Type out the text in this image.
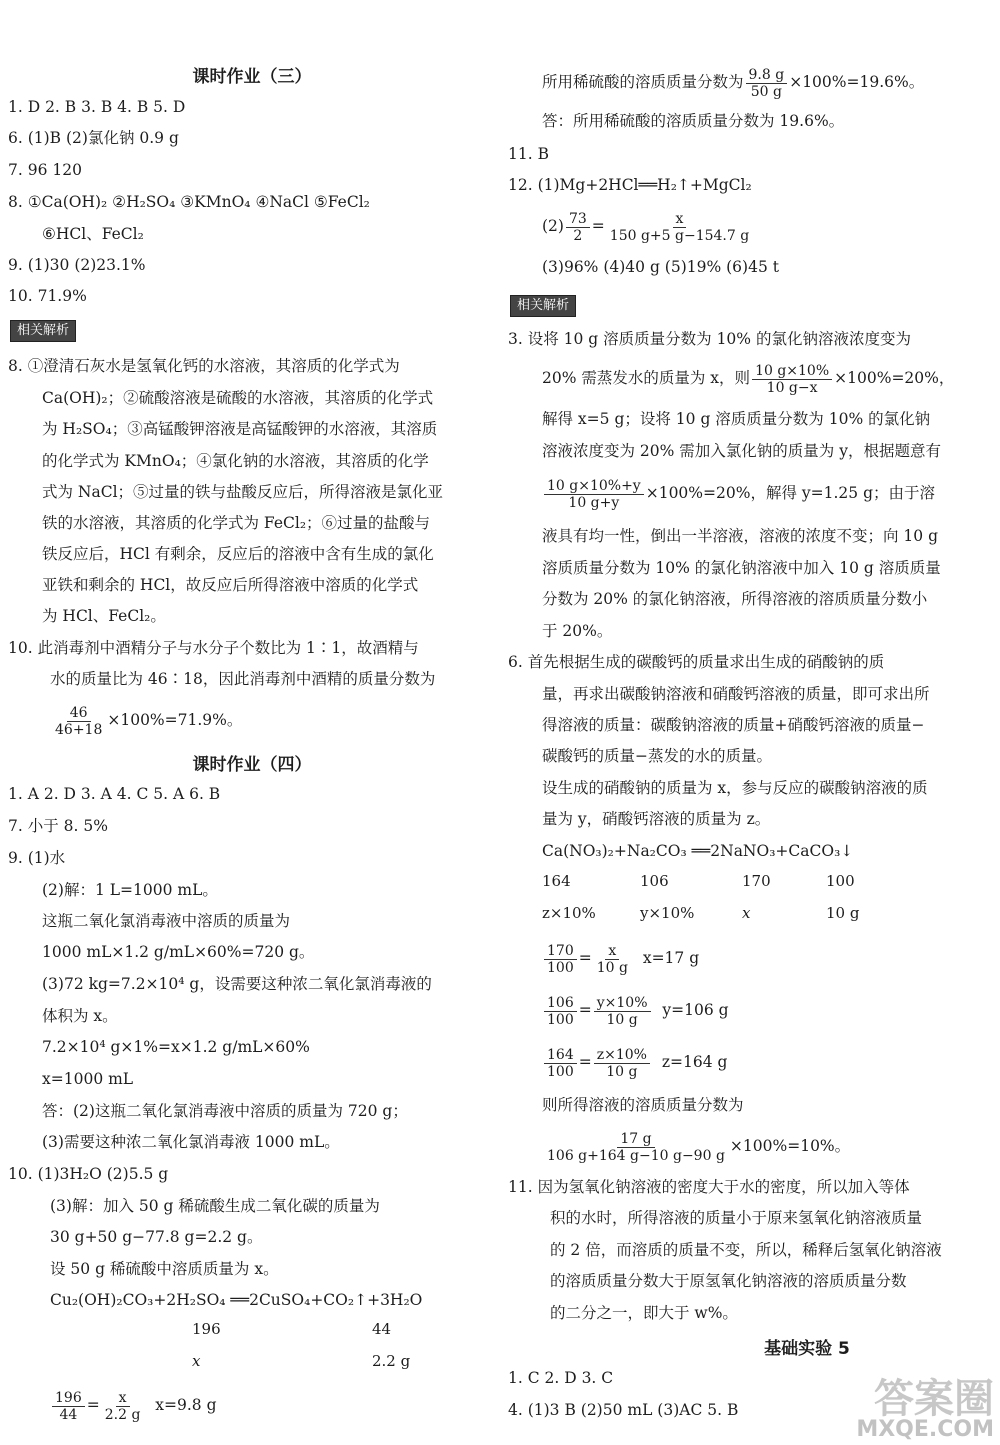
课时作业（三）
1. D 2. B 3. B 4. B 5. D
6. (1)B (2)氯化钠 0.9 g
7. 96 120
8. ①Ca(OH)₂ ②H₂SO₄ ③KMnO₄ ④NaCl ⑤FeCl₂
⑥HCl、FeCl₂
9. (1)30 (2)23.1%
10. 71.9%
相关解析
8. ①澄清石灰水是氢氧化钙的水溶液，其溶质的化学式为
Ca(OH)₂；②硫酸溶液是硫酸的水溶液，其溶质的化学式
为 H₂SO₄；③高锰酸钾溶液是高锰酸钾的水溶液，其溶质
的化学式为 KMnO₄；④氯化钠的水溶液，其溶质的化学
式为 NaCl；⑤过量的铁与盐酸反应后，所得溶液是氯化亚
铁的水溶液，其溶质的化学式为 FeCl₂；⑥过量的盐酸与
铁反应后，HCl 有剩余，反应后的溶液中含有生成的氯化
亚铁和剩余的 HCl，故反应后所得溶液中溶质的化学式
为 HCl、FeCl₂。
10. 此消毒剂中酒精分子与水分子个数比为 1∶1，故酒精与
水的质量比为 46∶18，因此消毒剂中酒精的质量分数为
$\frac{46}{46+18} \times 100\%=71.9\%$。
课时作业（四）
1. A 2. D 3. A 4. C 5. A 6. B
7. 小于 8. 5%
9. (1)水
(2)解：1 L=1000 mL。
这瓶二氧化氯消毒液中溶质的质量为
1000 mL×1.2 g/mL×60%=720 g。
(3)72 kg=7.2×10⁴ g，设需要这种浓二氧化氯消毒液的
体积为 x。
7.2×10⁴ g×1%=x×1.2 g/mL×60%
x=1000 mL
答：(2)这瓶二氧化氯消毒液中溶质的质量为 720 g；
(3)需要这种浓二氧化氯消毒液 1000 mL。
10. (1)3H₂O (2)5.5 g
(3)解：加入 50 g 稀硫酸生成二氧化碳的质量为
30 g+50 g−77.8 g=2.2 g。
设 50 g 稀硫酸中溶质质量为 x。
Cu₂(OH)₂CO₃+2H₂SO₄ ══2CuSO₄+CO₂↑+3H₂O
196	44
x	2.2 g
$\frac{196}{44} = \frac{x}{2.2 g} x=9.8$ g
所用稀硫酸的溶质质量分数为 $\frac{9.8 g}{50 g} \times 100\%=19.6\%$。
答：所用稀硫酸的溶质质量分数为 19.6%。
11. B
12. (1)Mg+2HCl══H₂↑+MgCl₂
$(2) \frac{73}{2} = \frac{x}{150 g+5 g-154.7 g}$
(3)96% (4)40 g (5)19% (6)45 t
相关解析
3. 设将 10 g 溶质质量分数为 10% 的氯化钠溶液浓度变为
20% 需蒸发水的质量为 x，则 $\frac{10 g\times 10\%}{10 g-x} \times 100\%=20\%$，
解得 x=5 g；设将 10 g 溶质质量分数为 10% 的氯化钠
溶液浓度变为 20% 需加入氯化钠的质量为 y，根据题意有
$\frac{10 g\times 10\%+y}{10 g+y} \times 100\%=20\%$，解得 y=1.25 g；由于溶
液具有均一性，倒出一半溶液，溶液的浓度不变；向 10 g
溶质质量分数为 10% 的氯化钠溶液中加入 10 g 溶质质量
分数为 20% 的氯化钠溶液，所得溶液的溶质质量分数小
于 20%。
6. 首先根据生成的碳酸钙的质量求出生成的硝酸钠的质
量，再求出碳酸钠溶液和硝酸钙溶液的质量，即可求出所
得溶液的质量：碳酸钠溶液的质量+硝酸钙溶液的质量−
碳酸钙的质量−蒸发的水的质量。
设生成的硝酸钠的质量为 x，参与反应的碳酸钠溶液的质
量为 y，硝酸钙溶液的质量为 z。
Ca(NO₃)₂+Na₂CO₃ ══2NaNO₃+CaCO₃↓
164	106	170	100
z×10%	y×10%	x	10 g
$\frac{170}{100} = \frac{x}{10 g} x=17$ g
$\frac{106}{100} = \frac{y\times 10\%}{10 g} y=106$ g
$\frac{164}{100} = \frac{z\times 10\%}{10 g} z=164$ g
则所得溶液的溶质质量分数为
$\frac{17 g}{106 g+164 g-10 g-90 g} \times 100\%=10\%$。
11. 因为氢氧化钠溶液的密度大于水的密度，所以加入等体
积的水时，所得溶液的质量小于原来氢氧化钠溶液质量
的 2 倍，而溶质的质量不变，所以，稀释后氢氧化钠溶液
的溶质质量分数大于原氢氧化钠溶液的溶质质量分数
的二分之一，即大于 w%。
基础实验 5
1. C 2. D 3. C
4. (1)3 B (2)50 mL (3)AC 5. B	答案圈
MXQE.COM
